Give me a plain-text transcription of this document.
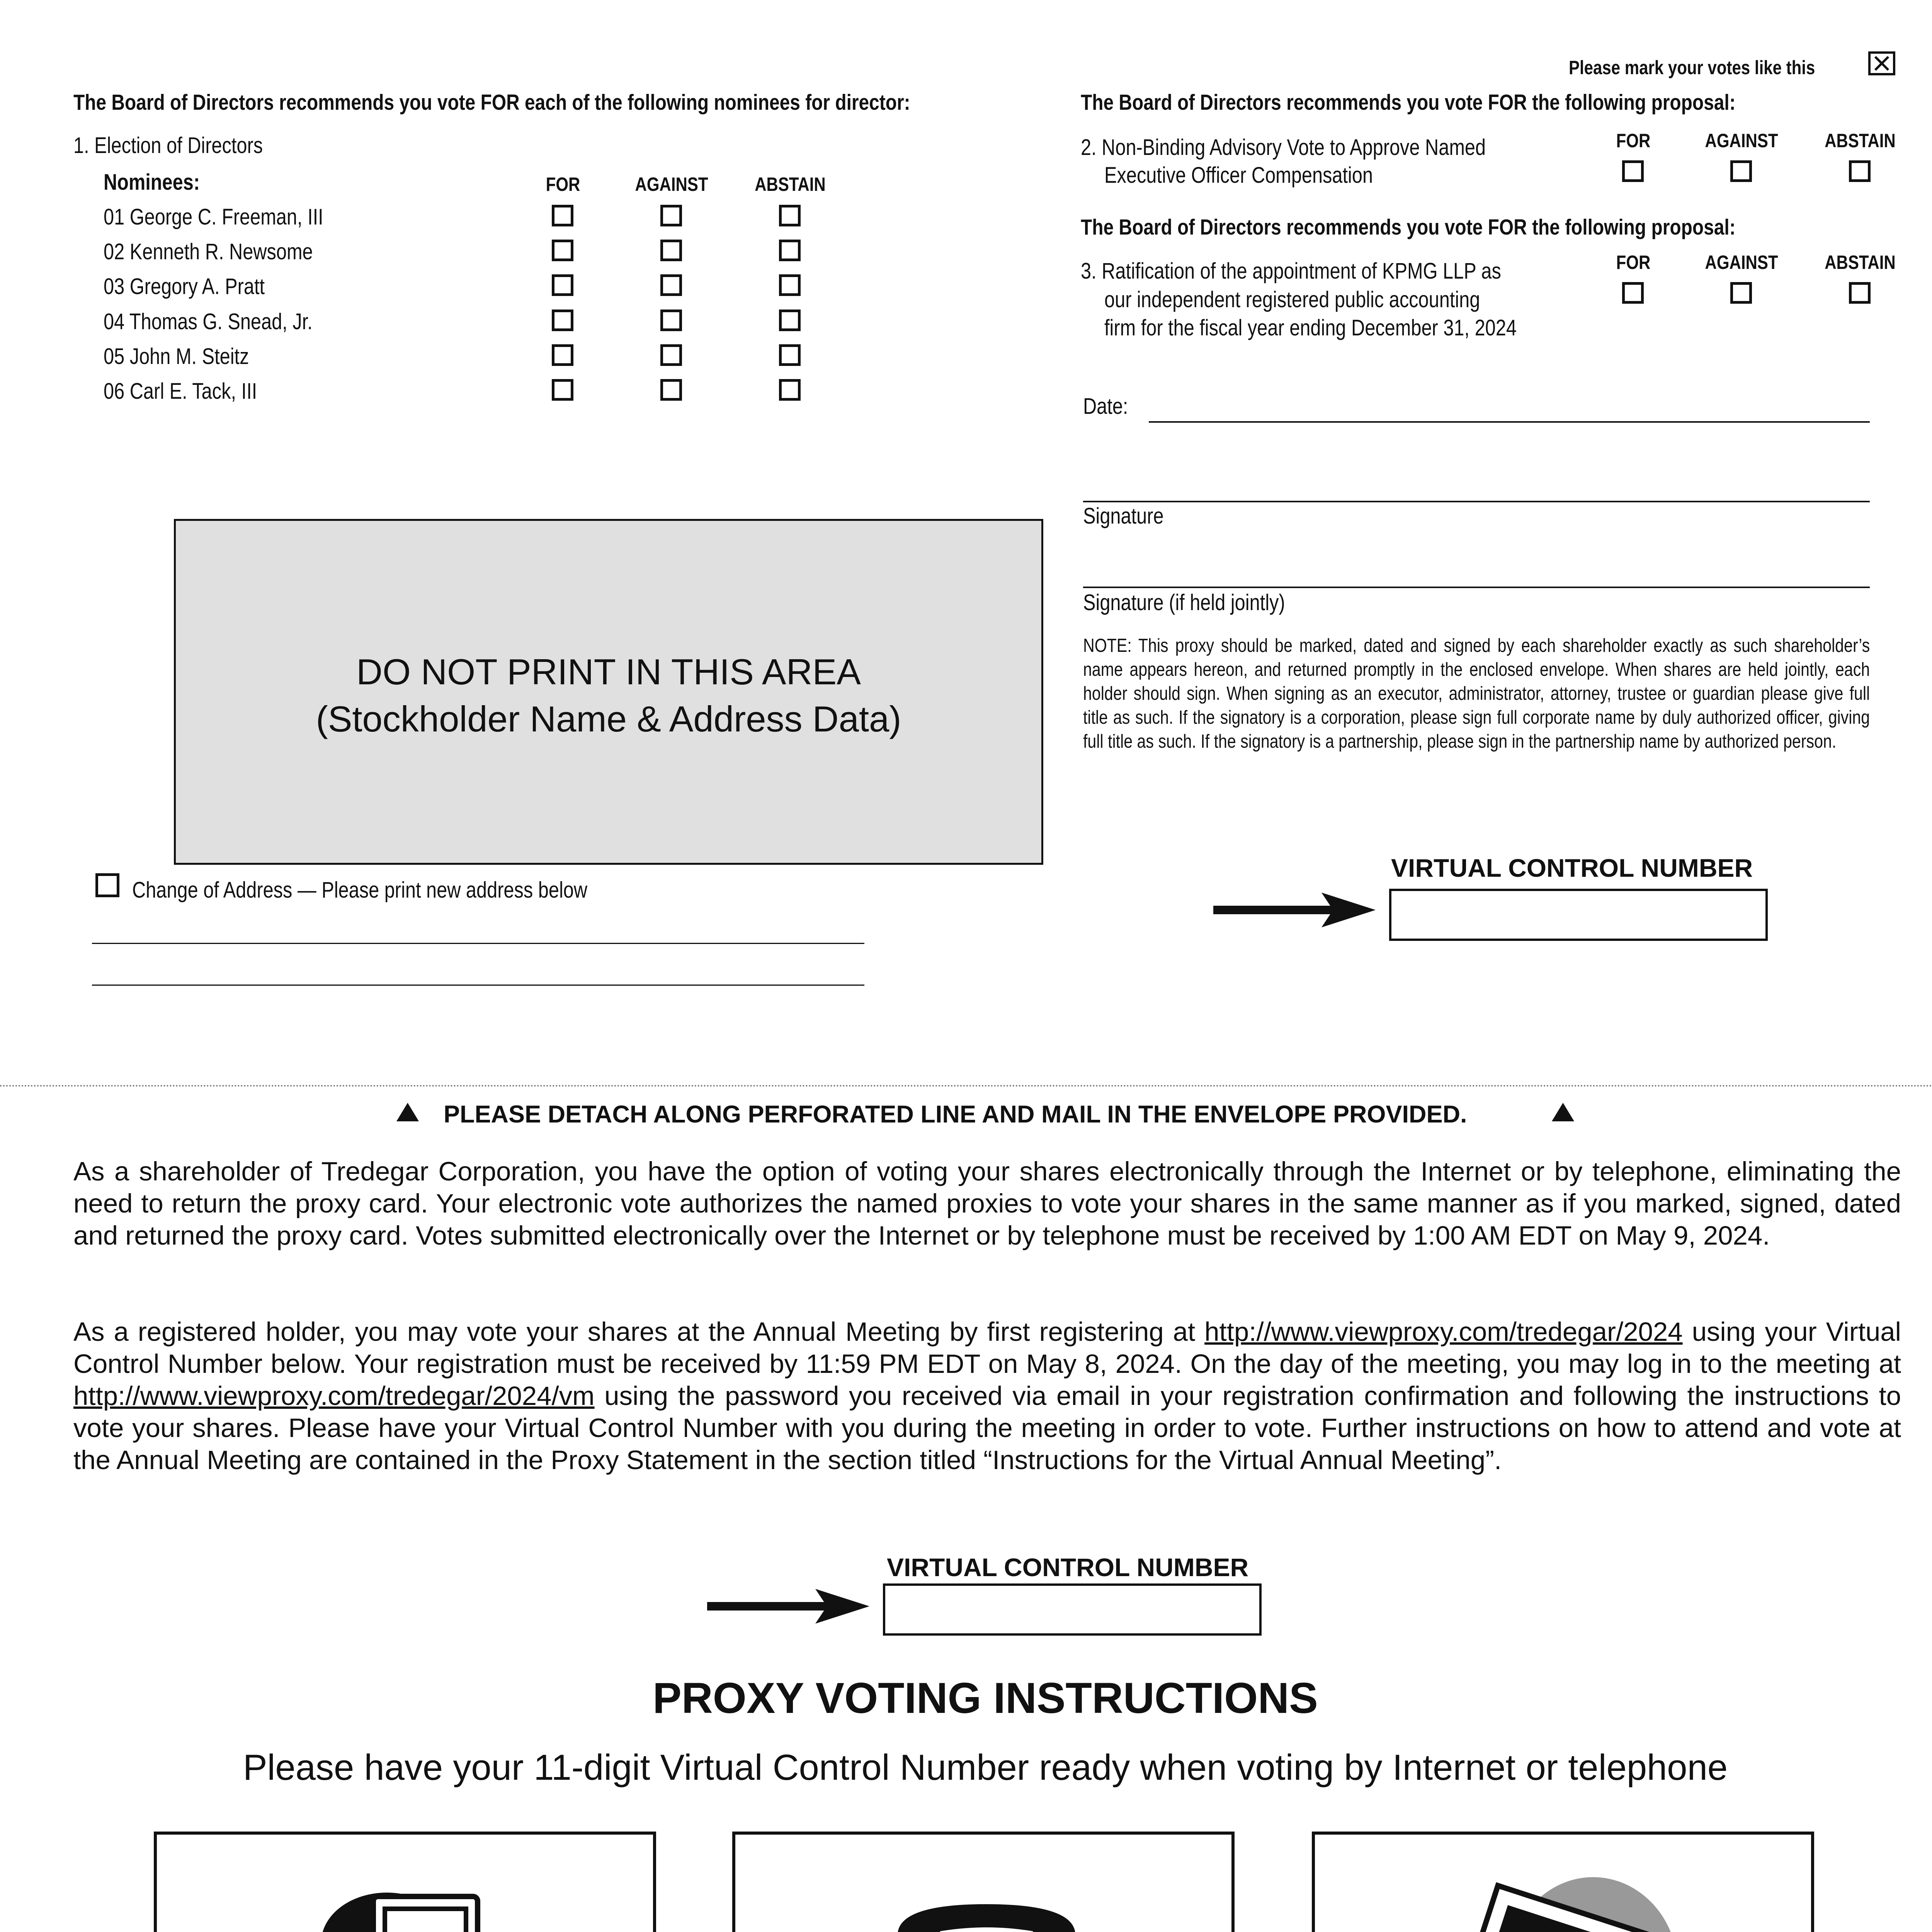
Please mark your votes like this
The Board of Directors recommends you vote FOR each of the following nominees for director:
1. Election of Directors
Nominees:	FOR	AGAINST	ABSTAIN
01 George C. Freeman, III
02 Kenneth R. Newsome
03 Gregory A. Pratt
04 Thomas G. Snead, Jr.
05 John M. Steitz
06 Carl E. Tack, III
DO NOT PRINT IN THIS AREA
(Stockholder Name & Address Data)
Change of Address — Please print new address below
The Board of Directors recommends you vote FOR the following proposal:
2. Non-Binding Advisory Vote to Approve Named
Executive Officer Compensation
FOR	AGAINST	ABSTAIN
The Board of Directors recommends you vote FOR the following proposal:
3. Ratification of the appointment of KPMG LLP as
our independent registered public accounting
firm for the fiscal year ending December 31, 2024
FOR	AGAINST	ABSTAIN
Date:
Signature
Signature (if held jointly)
NOTE: This proxy should be marked, dated and signed by each shareholder exactly as such shareholder’s name appears hereon, and returned promptly in the enclosed envelope. When shares are held jointly, each holder should sign. When signing as an executor, administrator, attorney, trustee or guardian please give full title as such. If the signatory is a corporation, please sign full corporate name by duly authorized officer, giving full title as such. If the signatory is a partnership, please sign in the partnership name by authorized person.
VIRTUAL CONTROL NUMBER
PLEASE DETACH ALONG PERFORATED LINE AND MAIL IN THE ENVELOPE PROVIDED.
As a shareholder of Tredegar Corporation, you have the option of voting your shares electronically through the Internet or by telephone, eliminating the need to return the proxy card. Your electronic vote authorizes the named proxies to vote your shares in the same manner as if you marked, signed, dated and returned the proxy card. Votes submitted electronically over the Internet or by telephone must be received by 1:00 AM EDT on May 9, 2024.
As a registered holder, you may vote your shares at the Annual Meeting by first registering at http://www.viewproxy.com/tredegar/2024 using your Virtual Control Number below. Your registration must be received by 11:59 PM EDT on May 8, 2024. On the day of the meeting, you may log in to the meeting at http://www.viewproxy.com/tredegar/2024/vm using the password you received via email in your registration confirmation and following the instructions to vote your shares. Please have your Virtual Control Number with you during the meeting in order to vote. Further instructions on how to attend and vote at the Annual Meeting are contained in the Proxy Statement in the section titled “Instructions for the Virtual Annual Meeting”.
VIRTUAL CONTROL NUMBER
PROXY VOTING INSTRUCTIONS
Please have your 11-digit Virtual Control Number ready when voting by Internet or telephone
